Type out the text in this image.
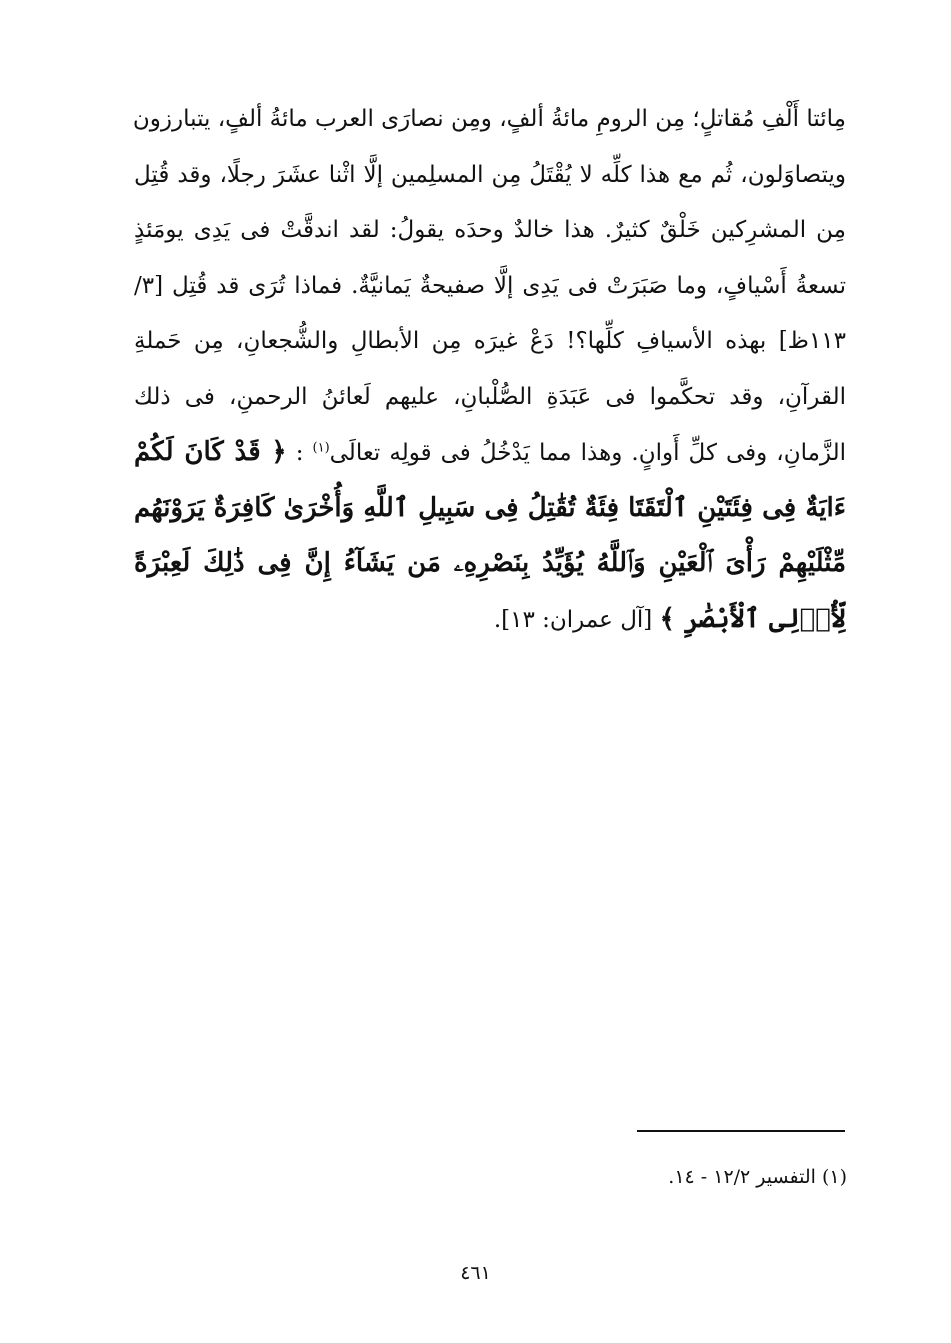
مِائتا أَلْفِ مُقاتلٍ؛ مِن الرومِ مائةُ ألفٍ، ومِن نصارَى العرب مائةُ ألفٍ، يتبارزون
ويتصاوَلون، ثُم مع هذا كلِّه لا يُقْتَلُ مِن المسلِمين إلَّا اثْنا عشَرَ رجلًا، وقد قُتِل
مِن المشرِكين خَلْقٌ كثيرٌ. هذا خالدٌ وحدَه يقولُ: لقد اندقَّتْ فى يَدِى يومَئذٍ
تسعةُ أَسْيافٍ، وما صَبَرَتْ فى يَدِى إلَّا صفيحةٌ يَمانيَّةٌ. فماذا تُرَى قد قُتِل [٣/
١١٣ظ] بهذه الأسيافِ كلِّها؟! دَعْ غيرَه مِن الأبطالِ والشُّجعانِ، مِن حَملةِ
القرآنِ، وقد تحكَّموا فى عَبَدَةِ الصُّلْبانِ، عليهم لَعائنُ الرحمنِ، فى ذلك
الزَّمانِ، وفى كلِّ أَوانٍ. وهذا مما يَدْخُلُ فى قولِه تعالَى$^{(١)}$ : ﴿ قَدْ كَانَ لَكُمْ
ءَايَةٌ فِى فِئَتَيْنِ ٱلْتَقَتَا فِئَةٌ تُقَٰتِلُ فِى سَبِيلِ ٱللَّهِ وَأُخْرَىٰ كَافِرَةٌ يَرَوْنَهُم
مِّثْلَيْهِمْ رَأْىَ ٱلْعَيْنِ وَٱللَّهُ يُؤَيِّدُ بِنَصْرِهِۦ مَن يَشَآءُ إِنَّ فِى ذَٰلِكَ لَعِبْرَةً
لِّأُو۟لِى ٱلْأَبْصَٰرِ ﴾ [آل عمران: ١٣].
(١) التفسير ١٢/٢ - ١٤.
٤٦١
